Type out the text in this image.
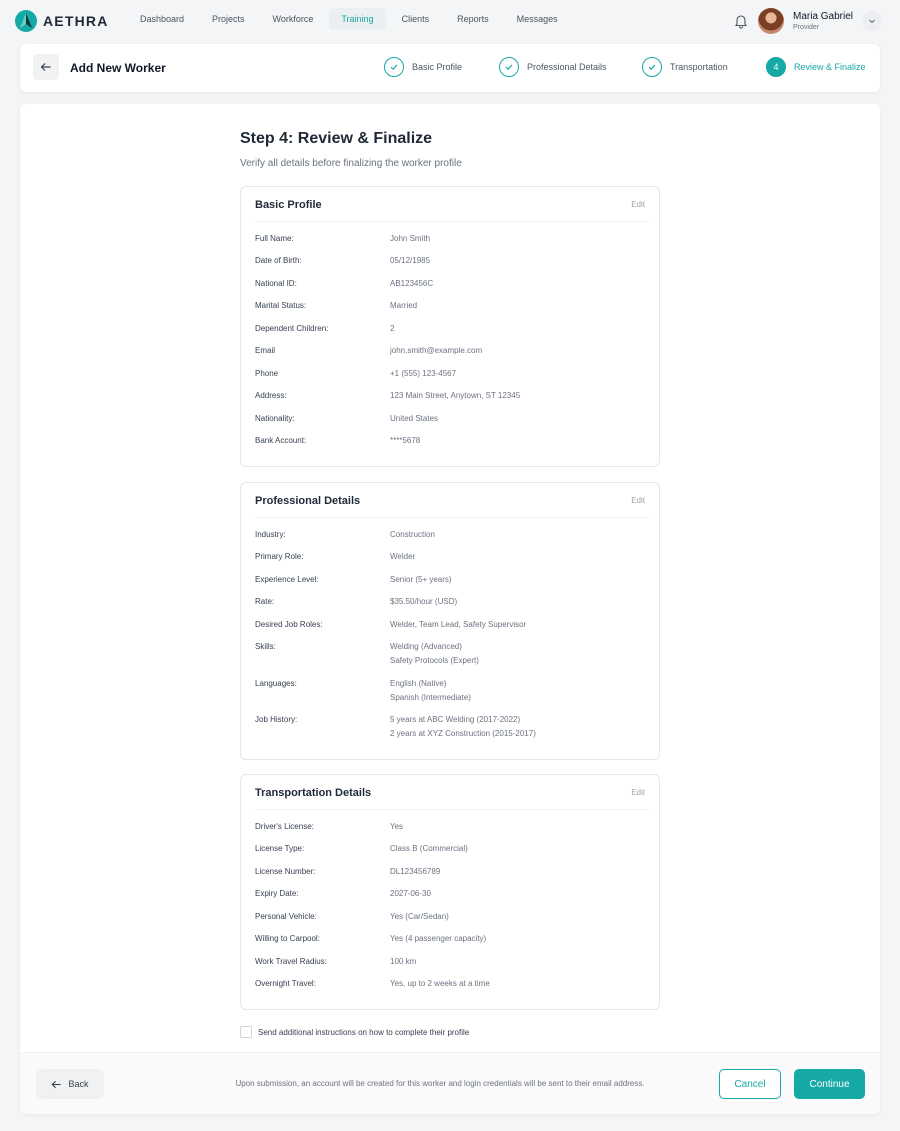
AETHRA	Dashboard	Projects	Workforce	Training	Clients	Reports	Messages	Maria Gabriel
Provider
Add New Worker	Basic Profile	Professional Details	Transportation	4	Review & Finalize
Step 4: Review & Finalize

Verify all details before finalizing the worker profile

Basic Profile	Edit
Full Name:	John Smith
Date of Birth:	05/12/1985
National ID:	AB123456C
Marital Status:	Married
Dependent Children:	2
Email	john.smith@example.com
Phone	+1 (555) 123-4567
Address:	123 Main Street, Anytown, ST 12345
Nationality:	United States
Bank Account:	****5678
Professional Details	Edit
Industry:	Construction
Primary Role:	Welder
Experience Level:	Senior (5+ years)
Rate:	$35.50/hour (USD)
Desired Job Roles:	Welder, Team Lead, Safety Supervisor
Skills:	Welding (Advanced)
Safety Protocols (Expert)
Languages:	English (Native)
Spanish (Intermediate)
Job History:	5 years at ABC Welding (2017-2022)
2 years at XYZ Construction (2015-2017)
Transportation Details	Edit
Driver's License:	Yes
License Type:	Class B (Commercial)
License Number:	DL123456789
Expiry Date:	2027-06-30
Personal Vehicle:	Yes (Car/Sedan)
Willing to Carpool:	Yes (4 passenger capacity)
Work Travel Radius:	100 km
Overnight Travel:	Yes, up to 2 weeks at a time
Send additional instructions on how to complete their profile
Back	Upon submission, an account will be created for this worker and login credentials will be sent to their email address.	Cancel	Continue
